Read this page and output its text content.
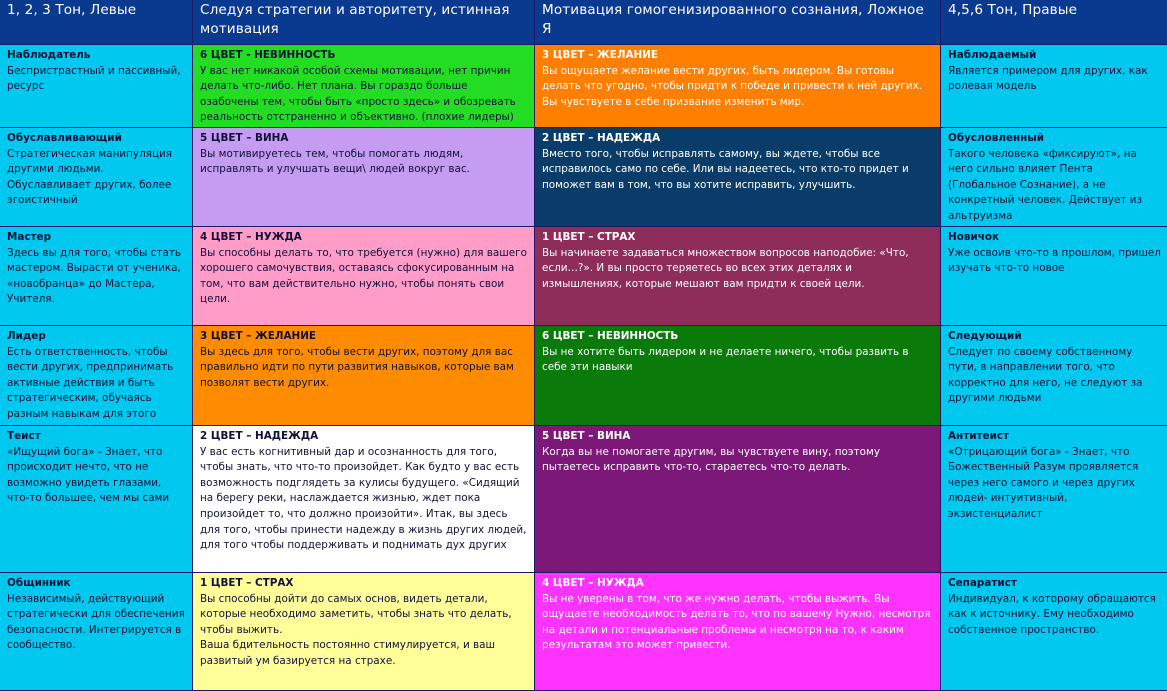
1, 2, 3 Тон, Левые	Следуя стратегии и авторитету, истинная мотивация
Мотивация гомогенизированного сознания, Ложное Я
4,5,6 Тон, Правые
Наблюдатель
Беспристрастный и пассивный, ресурс
6 ЦВЕТ - НЕВИННОСТЬ
У вас нет никакой особой схемы мотивации, нет причин делать что-либо. Нет плана. Вы гораздо больше озабочены тем, чтобы быть «просто здесь» и обозревать реальность отстраненно и объективно. (плохие лидеры)
3 ЦВЕТ – ЖЕЛАНИЕ
Вы ощущаете желание вести других, быть лидером. Вы готовы делать что угодно, чтобы придти к победе и привести к ней других. Вы чувствуете в себе призвание изменить мир.
Наблюдаемый
Является примером для других, как ролевая модель
Обуславливающий
Стратегическая манипуляция другими людьми. Обуславливает других, более эгоистичный
5 ЦВЕТ – ВИНА
Вы мотивируетесь тем, чтобы помогать людям, исправлять и улучшать вещи\ людей вокруг вас.
2 ЦВЕТ – НАДЕЖДА
Вместо того, чтобы исправлять самому, вы ждете, чтобы все исправилось само по себе. Или вы надеетесь, что кто-то придет и поможет вам в том, что вы хотите исправить, улучшить.
Обусловленный
Такого человека «фиксируют», на него сильно влияет Пента (Глобальное Сознание), а не конкретный человек. Действует из альтруизма
Мастер
Здесь вы для того, чтобы стать мастером. Вырасти от ученика, «новобранца» до Мастера, Учителя.
4 ЦВЕТ – НУЖДА
Вы способны делать то, что требуется (нужно) для вашего хорошего самочувствия, оставаясь сфокусированным на том, что вам действительно нужно, чтобы понять свои цели.
1 ЦВЕТ – СТРАХ
Вы начинаете задаваться множеством вопросов наподобие: «Что, если…?». И вы просто теряетесь во всех этих деталях и измышлениях, которые мешают вам придти к своей цели.
Новичок
Уже освоив что-то в прошлом, пришел изучать что-то новое
Лидер
Есть ответственность, чтобы вести других, предпринимать активные действия и быть стратегическим, обучаясь разным навыкам для этого
3 ЦВЕТ – ЖЕЛАНИЕ
Вы здесь для того, чтобы вести других, поэтому для вас правильно идти по пути развития навыков, которые вам позволят вести других.
6 ЦВЕТ – НЕВИННОСТЬ
Вы не хотите быть лидером и не делаете ничего, чтобы развить в себе эти навыки
Следующий
Следует по своему собственному пути, в направлении того, что корректно для него, не следуют за другими людьми
Теист
«Ищущий бога» - Знает, что происходит нечто, что не возможно увидеть глазами, что-то большее, чем мы сами
2 ЦВЕТ – НАДЕЖДА
У вас есть когнитивный дар и осознанность для того, чтобы знать, что что-то произойдет. Как будто у вас есть возможность подглядеть за кулисы будущего. «Сидящий на берегу реки, наслаждается жизнью, ждет пока произойдет то, что должно произойти». Итак, вы здесь для того, чтобы принести надежду в жизнь других людей, для того чтобы поддерживать и поднимать дух других
5 ЦВЕТ – ВИНА
Когда вы не помогаете другим, вы чувствуете вину, поэтому пытаетесь исправить что-то, стараетесь что-то делать.
Антитеист
«Отрицающий бога» - Знает, что Божественный Разум проявляется через него самого и через других людей- интуитивный, экзистенциалист
Общинник
Независимый, действующий стратегически для обеспечения безопасности. Интегрируется в сообщество.
1 ЦВЕТ – СТРАХ
Вы способны дойти до самых основ, видеть детали, которые необходимо заметить, чтобы знать что делать, чтобы выжить.
Ваша бдительность постоянно стимулируется, и ваш развитый ум базируется на страхе.
4 ЦВЕТ – НУЖДА
Вы не уверены в том, что же нужно делать, чтобы выжить. Вы ощущаете необходимость делать то, что по вашему Нужно, несмотря на детали и потенциальные проблемы и несмотря на то, к каким результатам это может привести.
Сепаратист
Индивидуал, к которому обращаются как к источнику. Ему необходимо собственное пространство.
